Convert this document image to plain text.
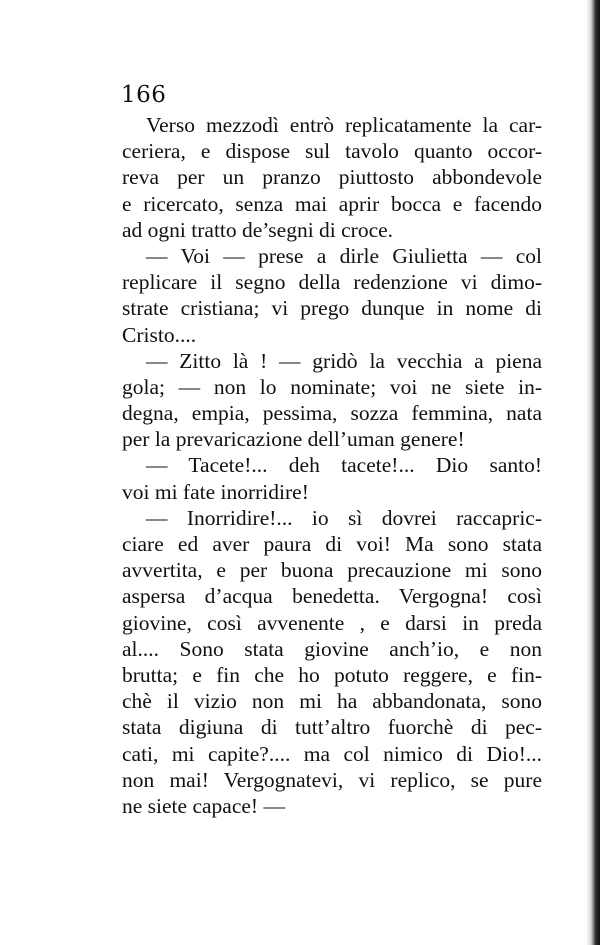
166
Verso mezzodì entrò replicatamente la car-
ceriera, e dispose sul tavolo quanto occor-
reva per un pranzo piuttosto abbondevole
e ricercato, senza mai aprir bocca e facendo
ad ogni tratto de’segni di croce.
— Voi — prese a dirle Giulietta — col
replicare il segno della redenzione vi dimo-
strate cristiana; vi prego dunque in nome di
Cristo....
— Zitto là ! — gridò la vecchia a piena
gola; — non lo nominate; voi ne siete in-
degna, empia, pessima, sozza femmina, nata
per la prevaricazione dell’uman genere!
— Tacete!... deh tacete!... Dio santo!
voi mi fate inorridire!
— Inorridire!... io sì dovrei raccapric-
ciare ed aver paura di voi! Ma sono stata
avvertita, e per buona precauzione mi sono
aspersa d’acqua benedetta. Vergogna! così
giovine, così avvenente , e darsi in preda
al.... Sono stata giovine anch’io, e non
brutta; e fin che ho potuto reggere, e fin-
chè il vizio non mi ha abbandonata, sono
stata digiuna di tutt’altro fuorchè di pec-
cati, mi capite?.... ma col nimico di Dio!...
non mai! Vergognatevi, vi replico, se pure
ne siete capace! —
